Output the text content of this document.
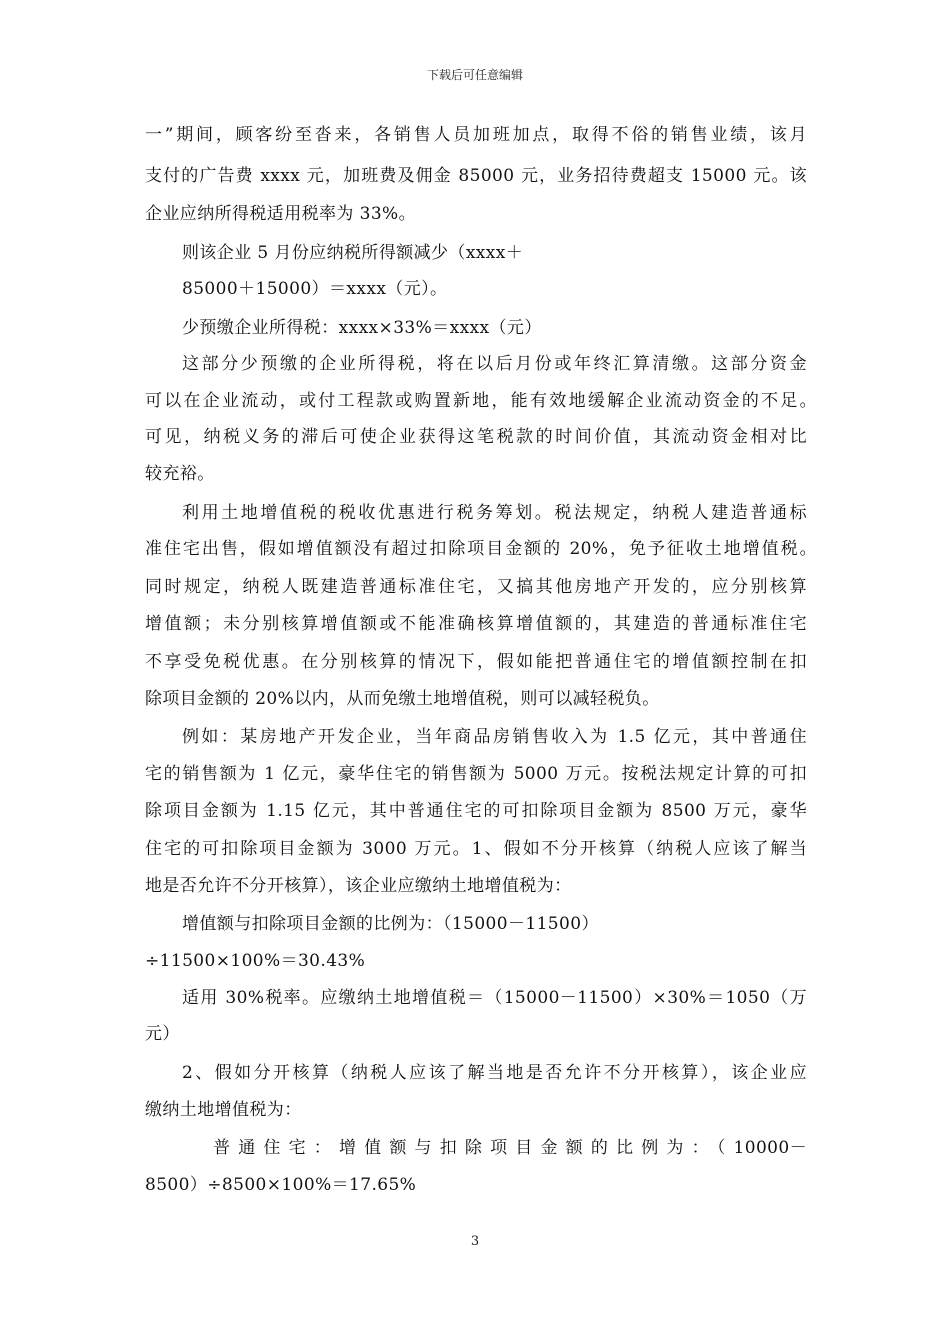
下载后可任意编辑
一”期间，顾客纷至沓来，各销售人员加班加点，取得不俗的销售业绩，该月
支付的广告费 xxxx 元，加班费及佣金 85000 元，业务招待费超支 15000 元。该
企业应纳所得税适用税率为 33%。
则该企业 5 月份应纳税所得额减少（xxxx＋
85000＋15000）＝xxxx（元）。
少预缴企业所得税：xxxx×33%＝xxxx（元）
这部分少预缴的企业所得税，将在以后月份或年终汇算清缴。这部分资金
可以在企业流动，或付工程款或购置新地，能有效地缓解企业流动资金的不足。
可见，纳税义务的滞后可使企业获得这笔税款的时间价值，其流动资金相对比
较充裕。
利用土地增值税的税收优惠进行税务筹划。税法规定，纳税人建造普通标
准住宅出售，假如增值额没有超过扣除项目金额的 20%，免予征收土地增值税。
同时规定，纳税人既建造普通标准住宅，又搞其他房地产开发的，应分别核算
增值额；未分别核算增值额或不能准确核算增值额的，其建造的普通标准住宅
不享受免税优惠。在分别核算的情况下，假如能把普通住宅的增值额控制在扣
除项目金额的 20%以内，从而免缴土地增值税，则可以减轻税负。
例如：某房地产开发企业，当年商品房销售收入为 1.5 亿元，其中普通住
宅的销售额为 1 亿元，豪华住宅的销售额为 5000 万元。按税法规定计算的可扣
除项目金额为 1.15 亿元，其中普通住宅的可扣除项目金额为 8500 万元，豪华
住宅的可扣除项目金额为 3000 万元。1、假如不分开核算（纳税人应该了解当
地是否允许不分开核算），该企业应缴纳土地增值税为：
增值额与扣除项目金额的比例为：（15000－11500）
÷11500×100%＝30.43%
适用 30%税率。应缴纳土地增值税＝（15000－11500）×30%＝1050（万
元）
2、假如分开核算（纳税人应该了解当地是否允许不分开核算），该企业应
缴纳土地增值税为：
普通住宅：增值额与扣除项目金额的比例为：（10000－
8500）÷8500×100%＝17.65%
3
